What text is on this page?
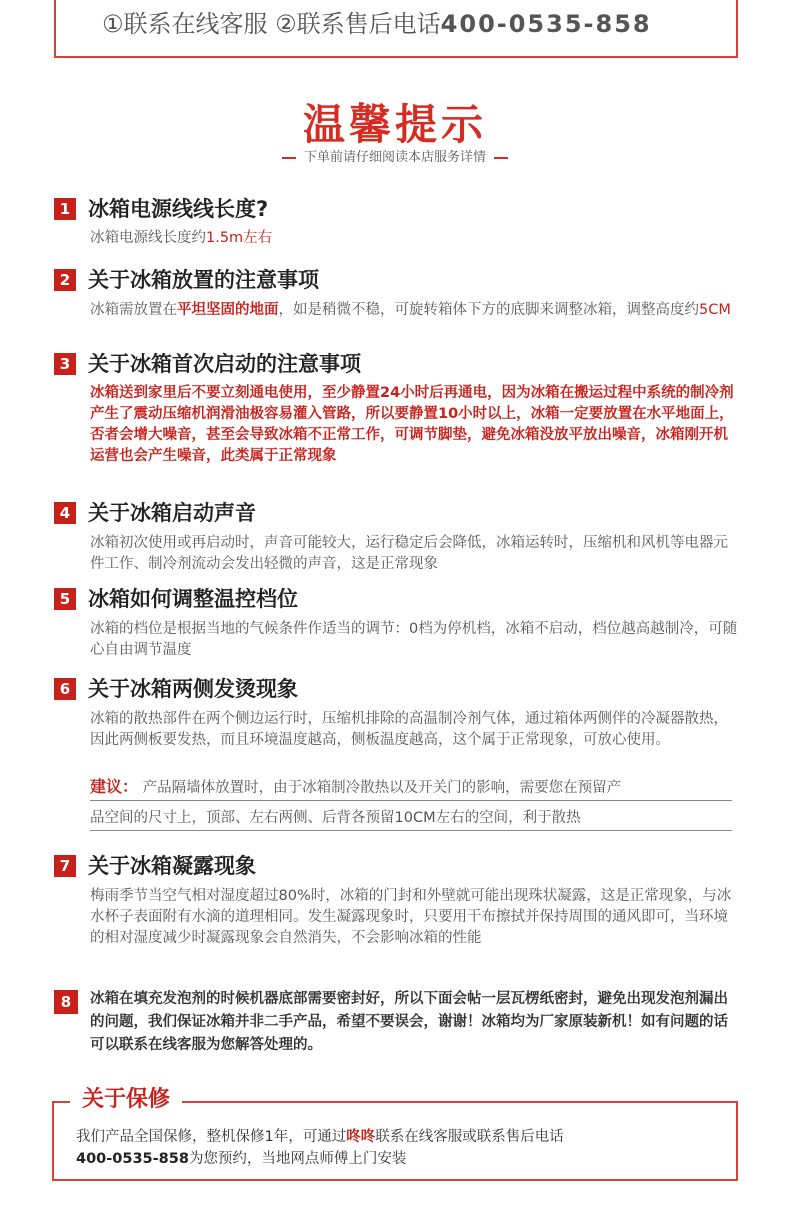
①联系在线客服 ②联系售后电话400-0535-858
温馨提示
下单前请仔细阅读本店服务详情
1 冰箱电源线线长度?
冰箱电源线长度约1.5m左右
2 关于冰箱放置的注意事项
冰箱需放置在平坦坚固的地面，如是稍微不稳，可旋转箱体下方的底脚来调整冰箱，调整高度约5CM
3 关于冰箱首次启动的注意事项
冰箱送到家里后不要立刻通电使用，至少静置24小时后再通电，因为冰箱在搬运过程中系统的制冷剂产生了震动压缩机润滑油极容易灌入管路，所以要静置10小时以上，冰箱一定要放置在水平地面上，否者会增大噪音，甚至会导致冰箱不正常工作，可调节脚垫，避免冰箱没放平放出噪音，冰箱刚开机运营也会产生噪音，此类属于正常现象
4 关于冰箱启动声音
冰箱初次使用或再启动时，声音可能较大，运行稳定后会降低，冰箱运转时，压缩机和风机等电器元件工作、制冷剂流动会发出轻微的声音，这是正常现象
5 冰箱如何调整温控档位
冰箱的档位是根据当地的气候条件作适当的调节：0档为停机档，冰箱不启动，档位越高越制冷，可随心自由调节温度
6 关于冰箱两侧发烫现象
冰箱的散热部件在两个侧边运行时，压缩机排除的高温制冷剂气体，通过箱体两侧伴的冷凝器散热，因此两侧板要发热，而且环境温度越高，侧板温度越高，这个属于正常现象，可放心使用。
建议： 产品隔墙体放置时，由于冰箱制冷散热以及开关门的影响，需要您在预留产
品空间的尺寸上，顶部、左右两侧、后背各预留10CM左右的空间，利于散热
7 关于冰箱凝露现象
梅雨季节当空气相对湿度超过80%时，冰箱的门封和外壁就可能出现珠状凝露，这是正常现象，与冰水杯子表面附有水滴的道理相同。发生凝露现象时，只要用干布擦拭并保持周围的通风即可，当环境的相对湿度减少时凝露现象会自然消失，不会影响冰箱的性能
8	冰箱在填充发泡剂的时候机器底部需要密封好，所以下面会帖一层瓦楞纸密封，避免出现发泡剂漏出的问题，我们保证冰箱并非二手产品，希望不要误会，谢谢！冰箱均为厂家原装新机！如有问题的话可以联系在线客服为您解答处理的。
关于保修
我们产品全国保修，整机保修1年，可通过咚咚联系在线客服或联系售后电话
400-0535-858为您预约，当地网点师傅上门安装
